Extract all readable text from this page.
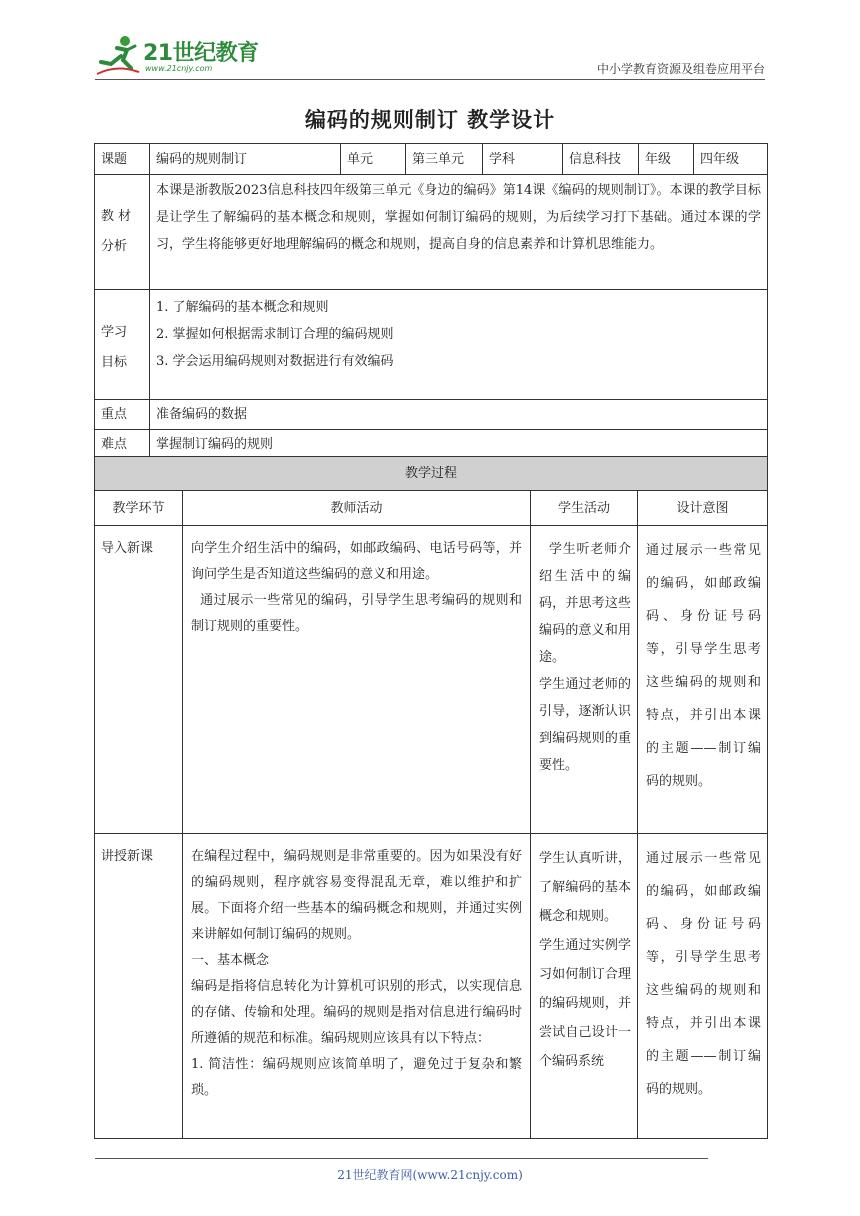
21世纪教育
www.21cnjy.com	中小学教育资源及组卷应用平台
编码的规则制订 教学设计
课题	编码的规则制订	单元	第三单元	学科	信息科技	年级	四年级

教 材
分析	本课是浙教版2023信息科技四年级第三单元《身边的编码》第14课《编码的规则制订》。本课的教学目标是让学生了解编码的基本概念和规则，掌握如何制订编码的规则，为后续学习打下基础。通过本课的学习，学生将能够更好地理解编码的概念和规则，提高自身的信息素养和计算机思维能力。						

学习
目标	1. 了解编码的基本概念和规则
2. 掌握如何根据需求制订合理的编码规则
3. 学会运用编码规则对数据进行有效编码						

重点	准备编码的数据						
难点	掌握制订编码的规则						
教学过程			
教学环节	教师活动	学生活动	设计意图
导入新课	向学生介绍生活中的编码，如邮政编码、电话号码等，并询问学生是否知道这些编码的意义和用途。
通过展示一些常见的编码，引导学生思考编码的规则和制订规则的重要性。	学生听老师介绍生活中的编码，并思考这些编码的意义和用途。
学生通过老师的引导，逐渐认识到编码规则的重要性。	通过展示一些常见的编码，如邮政编码、身份证号码等，引导学生思考这些编码的规则和特点，并引出本课的主题——制订编码的规则。
讲授新课	在编程过程中，编码规则是非常重要的。因为如果没有好的编码规则，程序就容易变得混乱无章，难以维护和扩展。下面将介绍一些基本的编码概念和规则，并通过实例来讲解如何制订编码的规则。
一、基本概念
编码是指将信息转化为计算机可识别的形式，以实现信息的存储、传输和处理。编码的规则是指对信息进行编码时所遵循的规范和标准。编码规则应该具有以下特点：
1. 简洁性：编码规则应该简单明了，避免过于复杂和繁琐。	学生认真听讲，了解编码的基本概念和规则。
学生通过实例学习如何制订合理的编码规则，并尝试自己设计一个编码系统	通过展示一些常见的编码，如邮政编码、身份证号码等，引导学生思考这些编码的规则和特点，并引出本课的主题——制订编码的规则。
21世纪教育网(www.21cnjy.com)
